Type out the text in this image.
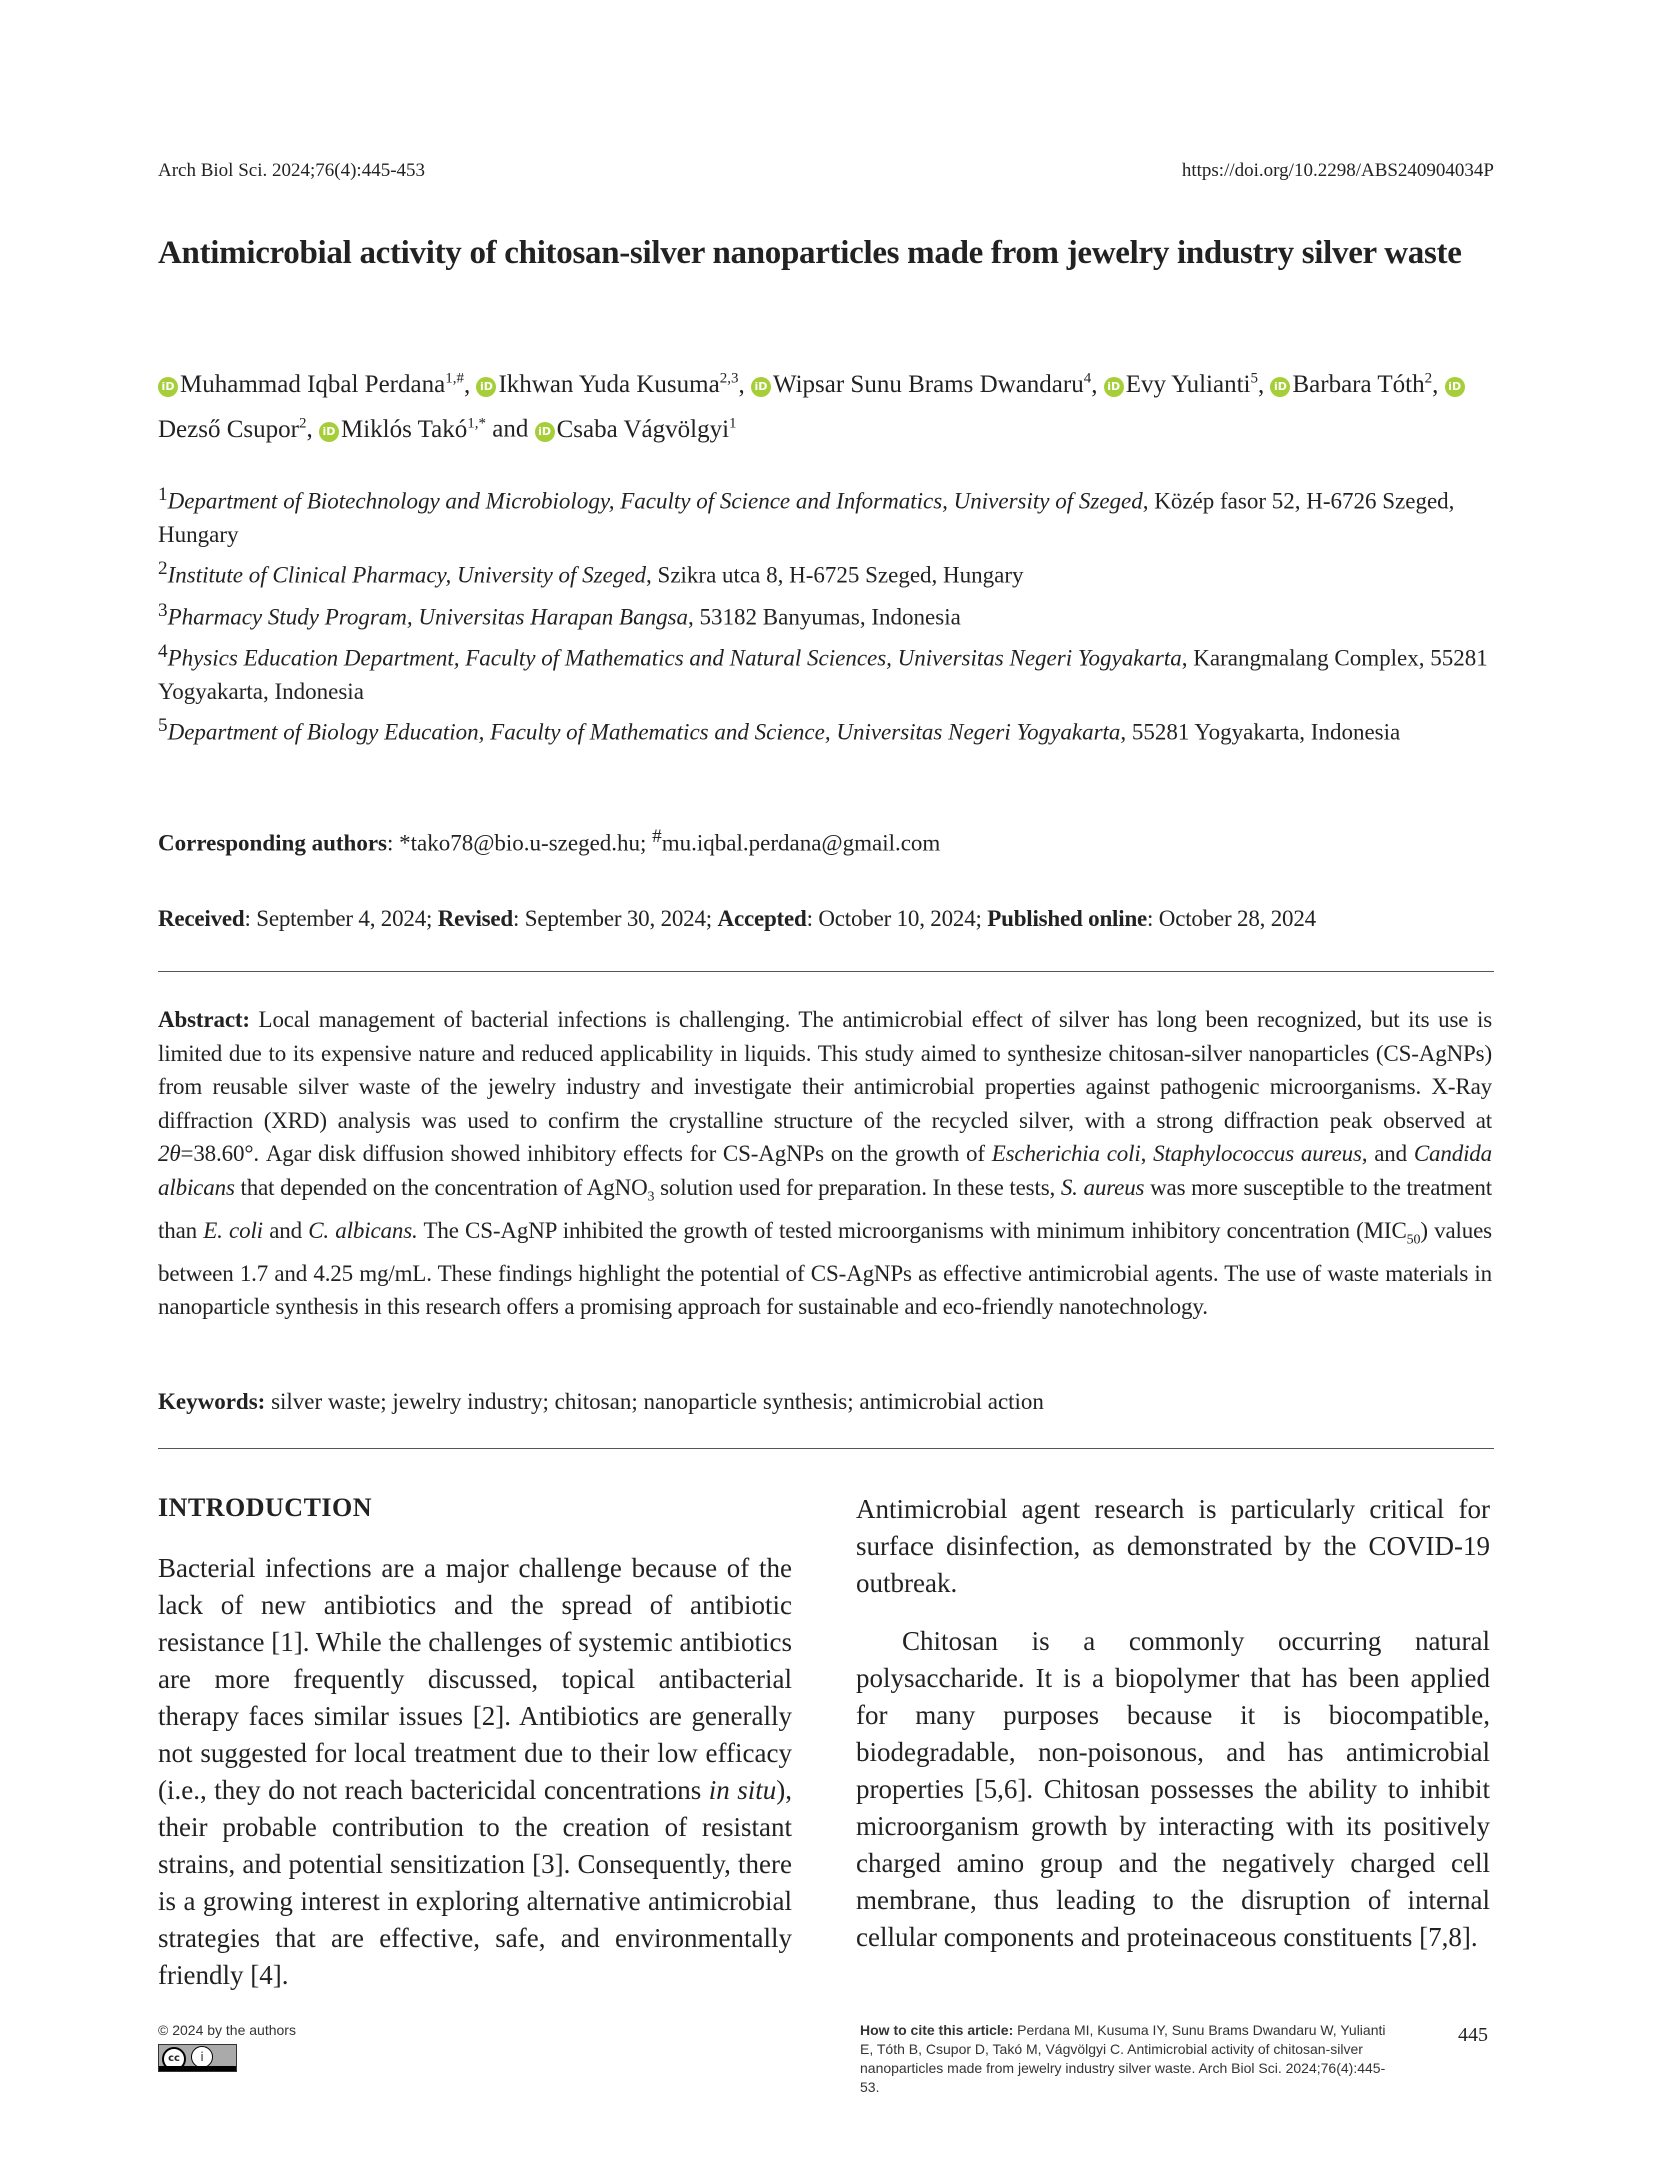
Arch Biol Sci. 2024;76(4):445-453	https://doi.org/10.2298/ABS240904034P
Antimicrobial activity of chitosan-silver nanoparticles made from jewelry industry silver waste
iD Muhammad Iqbal Perdana$^{1,\#}$, iD Ikhwan Yuda Kusuma$^{2,3}$, iD Wipsar Sunu Brams Dwandaru$^4$, iD Evy Yulianti$^5$, iD Barbara Tóth$^2$, iDDezső Csupor$^2$, iD Miklós Takó$^{1,*}$ and iD Csaba Vágvölgyi$^1$
$^1$Department of Biotechnology and Microbiology, Faculty of Science and Informatics, University of Szeged, Közép fasor 52, H-6726 Szeged, Hungary
$^2$Institute of Clinical Pharmacy, University of Szeged, Szikra utca 8, H-6725 Szeged, Hungary
$^3$Pharmacy Study Program, Universitas Harapan Bangsa, 53182 Banyumas, Indonesia
$^4$Physics Education Department, Faculty of Mathematics and Natural Sciences, Universitas Negeri Yogyakarta, Karangmalang Complex, 55281 Yogyakarta, Indonesia
$^5$Department of Biology Education, Faculty of Mathematics and Science, Universitas Negeri Yogyakarta, 55281 Yogyakarta, Indonesia
Corresponding authors: *tako78@bio.u-szeged.hu; #mu.iqbal.perdana@gmail.com
Received: September 4, 2024; Revised: September 30, 2024; Accepted: October 10, 2024; Published online: October 28, 2024
Abstract: Local management of bacterial infections is challenging. The antimicrobial effect of silver has long been recognized, but its use is limited due to its expensive nature and reduced applicability in liquids. This study aimed to synthesize chitosan-silver nanoparticles (CS-AgNPs) from reusable silver waste of the jewelry industry and investigate their antimicrobial properties against pathogenic microorganisms. X-Ray diffraction (XRD) analysis was used to confirm the crystalline structure of the recycled silver, with a strong diffraction peak observed at 2θ=38.60°. Agar disk diffusion showed inhibitory effects for CS-AgNPs on the growth of Escherichia coli, Staphylococcus aureus, and Candida albicans that depended on the concentration of AgNO$_3$ solution used for preparation. In these tests, S. aureus was more susceptible to the treatment than E. coli and C. albicans. The CS-AgNP inhibited the growth of tested microorganisms with minimum inhibitory concentration $(MIC_{50})$ values between 1.7 and 4.25 mg/mL. These findings highlight the potential of CS-AgNPs as effective antimicrobial agents. The use of waste materials in nanoparticle synthesis in this research offers a promising approach for sustainable and eco-friendly nanotechnology.
Keywords: silver waste; jewelry industry; chitosan; nanoparticle synthesis; antimicrobial action
INTRODUCTION
Bacterial infections are a major challenge because of the lack of new antibiotics and the spread of antibiotic resistance [1]. While the challenges of systemic antibiotics are more frequently discussed, topical antibacterial therapy faces similar issues [2]. Antibiotics are generally not suggested for local treatment due to their low efficacy (i.e., they do not reach bactericidal concentrations in situ), their probable contribution to the creation of resistant strains, and potential sensitization [3]. Consequently, there is a growing interest in exploring alternative antimicrobial strategies that are effective, safe, and environmentally friendly [4].
Antimicrobial agent research is particularly critical for surface disinfection, as demonstrated by the COVID-19 outbreak.
Chitosan is a commonly occurring natural polysaccharide. It is a biopolymer that has been applied for many purposes because it is biocompatible, biodegradable, non-poisonous, and has antimicrobial properties [5,6]. Chitosan possesses the ability to inhibit microorganism growth by interacting with its positively charged amino group and the negatively charged cell membrane, thus leading to the disruption of internal cellular components and proteinaceous constituents [7,8].
© 2024 by the authors
cc	i
How to cite this article: Perdana MI, Kusuma IY, Sunu Brams Dwandaru W, Yulianti E, Tóth B, Csupor D, Takó M, Vágvölgyi C. Antimicrobial activity of chitosan-silver nanoparticles made from jewelry industry silver waste. Arch Biol Sci. 2024;76(4):445-53.
445
